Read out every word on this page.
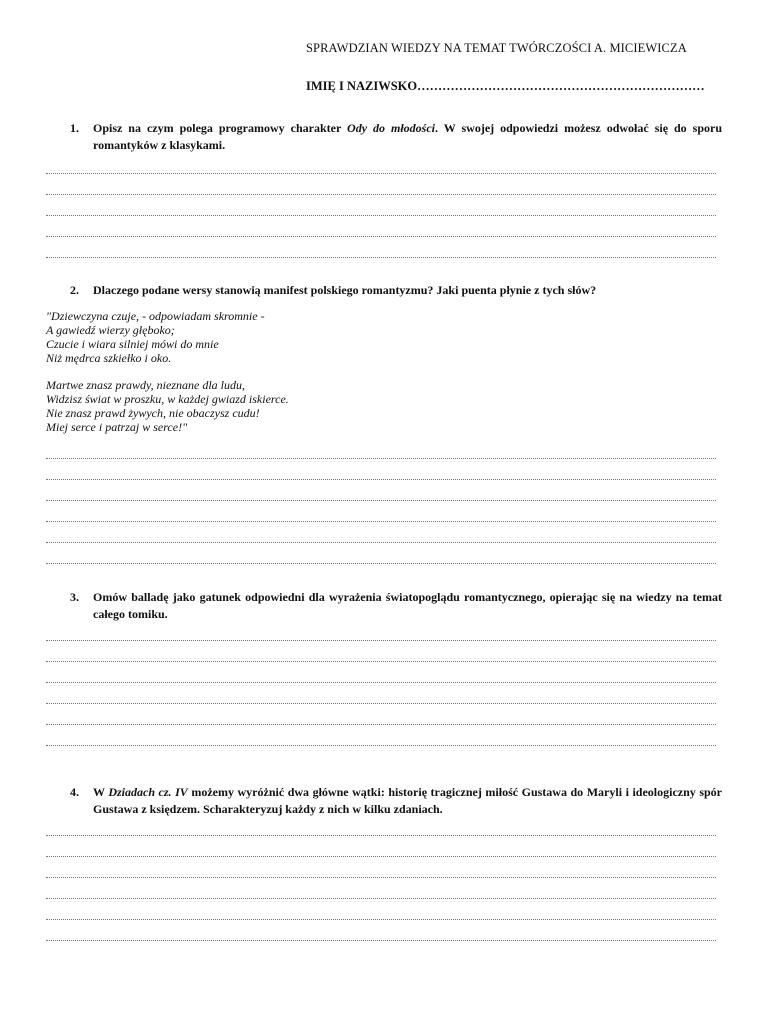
SPRAWDZIAN WIEDZY NA TEMAT TWÓRCZOŚCI A. MICIEWICZA
IMIĘ I NAZIWSKO……………………………………………………………
1. Opisz na czym polega programowy charakter Ody do młodości. W swojej odpowiedzi możesz odwołać się do sporu romantyków z klasykami.
2. Dlaczego podane wersy stanowią manifest polskiego romantyzmu? Jaki puenta płynie z tych słów?
"Dziewczyna czuje, - odpowiadam skromnie -
A gawiedź wierzy głęboko;
Czucie i wiara silniej mówi do mnie
Niż mędrca szkiełko i oko.
Martwe znasz prawdy, nieznane dla ludu,
Widzisz świat w proszku, w każdej gwiazd iskierce.
Nie znasz prawd żywych, nie obaczysz cudu!
Miej serce i patrzaj w serce!"
3. Omów balladę jako gatunek odpowiedni dla wyrażenia światopoglądu romantycznego, opierając się na wiedzy na temat całego tomiku.
4. W Dziadach cz. IV możemy wyróżnić dwa główne wątki: historię tragicznej miłość Gustawa do Maryli i ideologiczny spór Gustawa z księdzem. Scharakteryzuj każdy z nich w kilku zdaniach.
